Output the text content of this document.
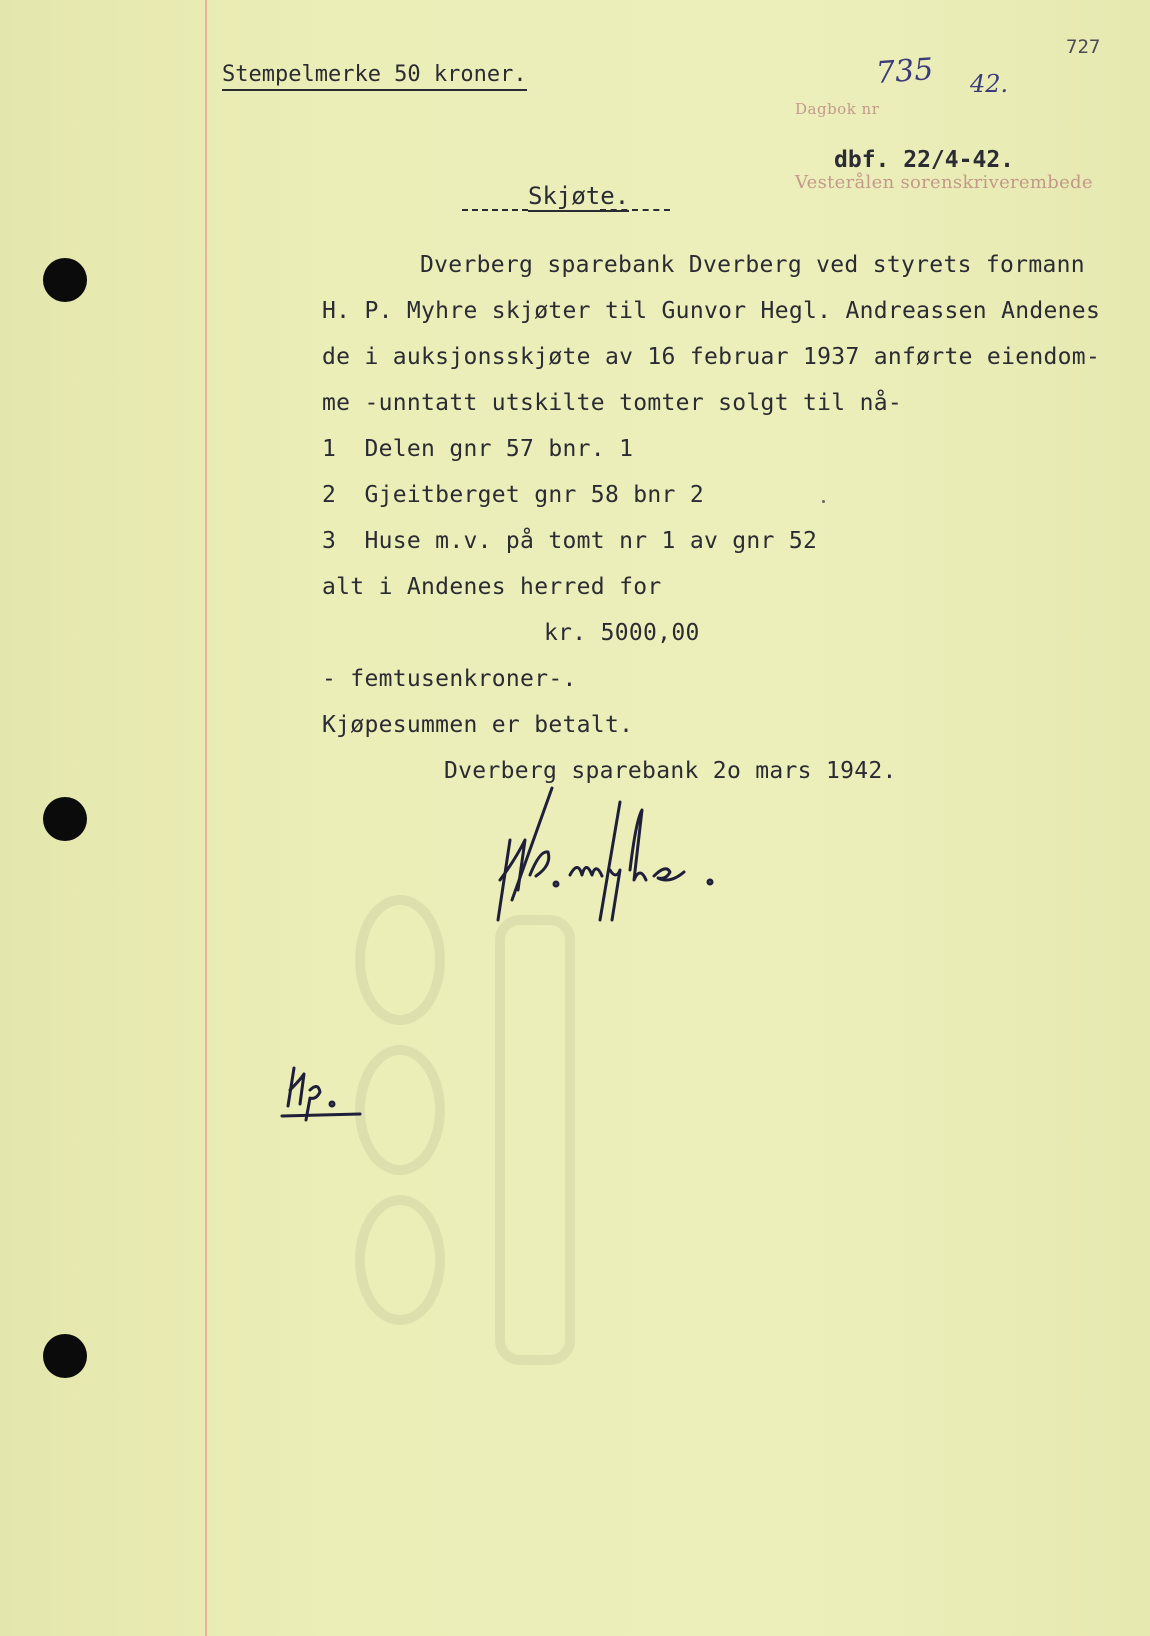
727
Stempelmerke 50 kroner.

Dagbok nr

Vesterålen sorenskriverembede

735 42.
dbf. 22/4-42.
Skjøte.
Dverberg sparebank Dverberg ved styrets formann
H. P. Myhre skjøter til Gunvor Hegl. Andreassen Andenes
de i auksjonsskjøte av 16 februar 1937 anførte eiendom-
me -unntatt utskilte tomter solgt til nå-
1  Delen gnr 57 bnr. 1
2  Gjeitberget gnr 58 bnr 2
3  Huse m.v. på tomt nr 1 av gnr 52
alt i Andenes herred for
kr. 5000,00
- femtusenkroner-.
Kjøpesummen er betalt.
Dverberg sparebank 2o mars 1942.
